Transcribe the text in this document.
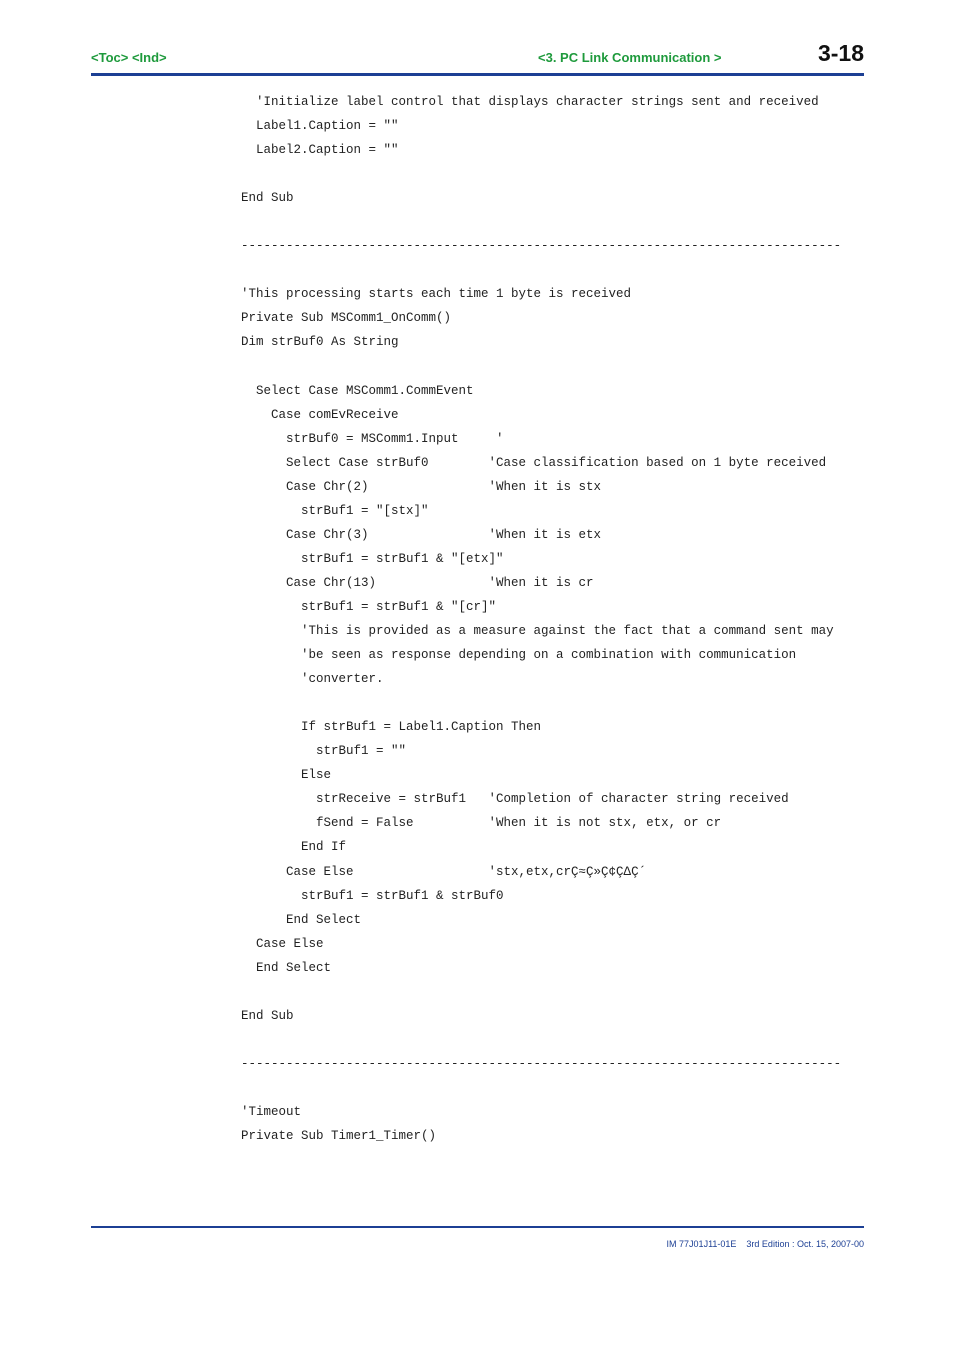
<Toc> <Ind>	<3. PC Link Communication >	3-18
'Initialize label control that displays character strings sent and received
Label1.Caption = ""
Label2.Caption = ""
End Sub
--------------------------------------------------------------------------------
'This processing starts each time 1 byte is received
Private Sub MSComm1_OnComm()
Dim strBuf0 As String
Select Case MSComm1.CommEvent
Case comEvReceive
strBuf0 = MSComm1.Input     '
Select Case strBuf0        'Case classification based on 1 byte received
Case Chr(2)                'When it is stx
strBuf1 = "[stx]"
Case Chr(3)                'When it is etx
strBuf1 = strBuf1 & "[etx]"
Case Chr(13)               'When it is cr
strBuf1 = strBuf1 & "[cr]"
'This is provided as a measure against the fact that a command sent may
'be seen as response depending on a combination with communication
'converter.
If strBuf1 = Label1.Caption Then
strBuf1 = ""
Else
strReceive = strBuf1   'Completion of character string received
fSend = False          'When it is not stx, etx, or cr
End If
Case Else                  'stx,etx,crÇ≈Ç»Ç¢ÇΔÇ´
strBuf1 = strBuf1 & strBuf0
End Select
Case Else
End Select
End Sub
--------------------------------------------------------------------------------
'Timeout
Private Sub Timer1_Timer()
IM 77J01J11-01E    3rd Edition : Oct. 15, 2007-00
